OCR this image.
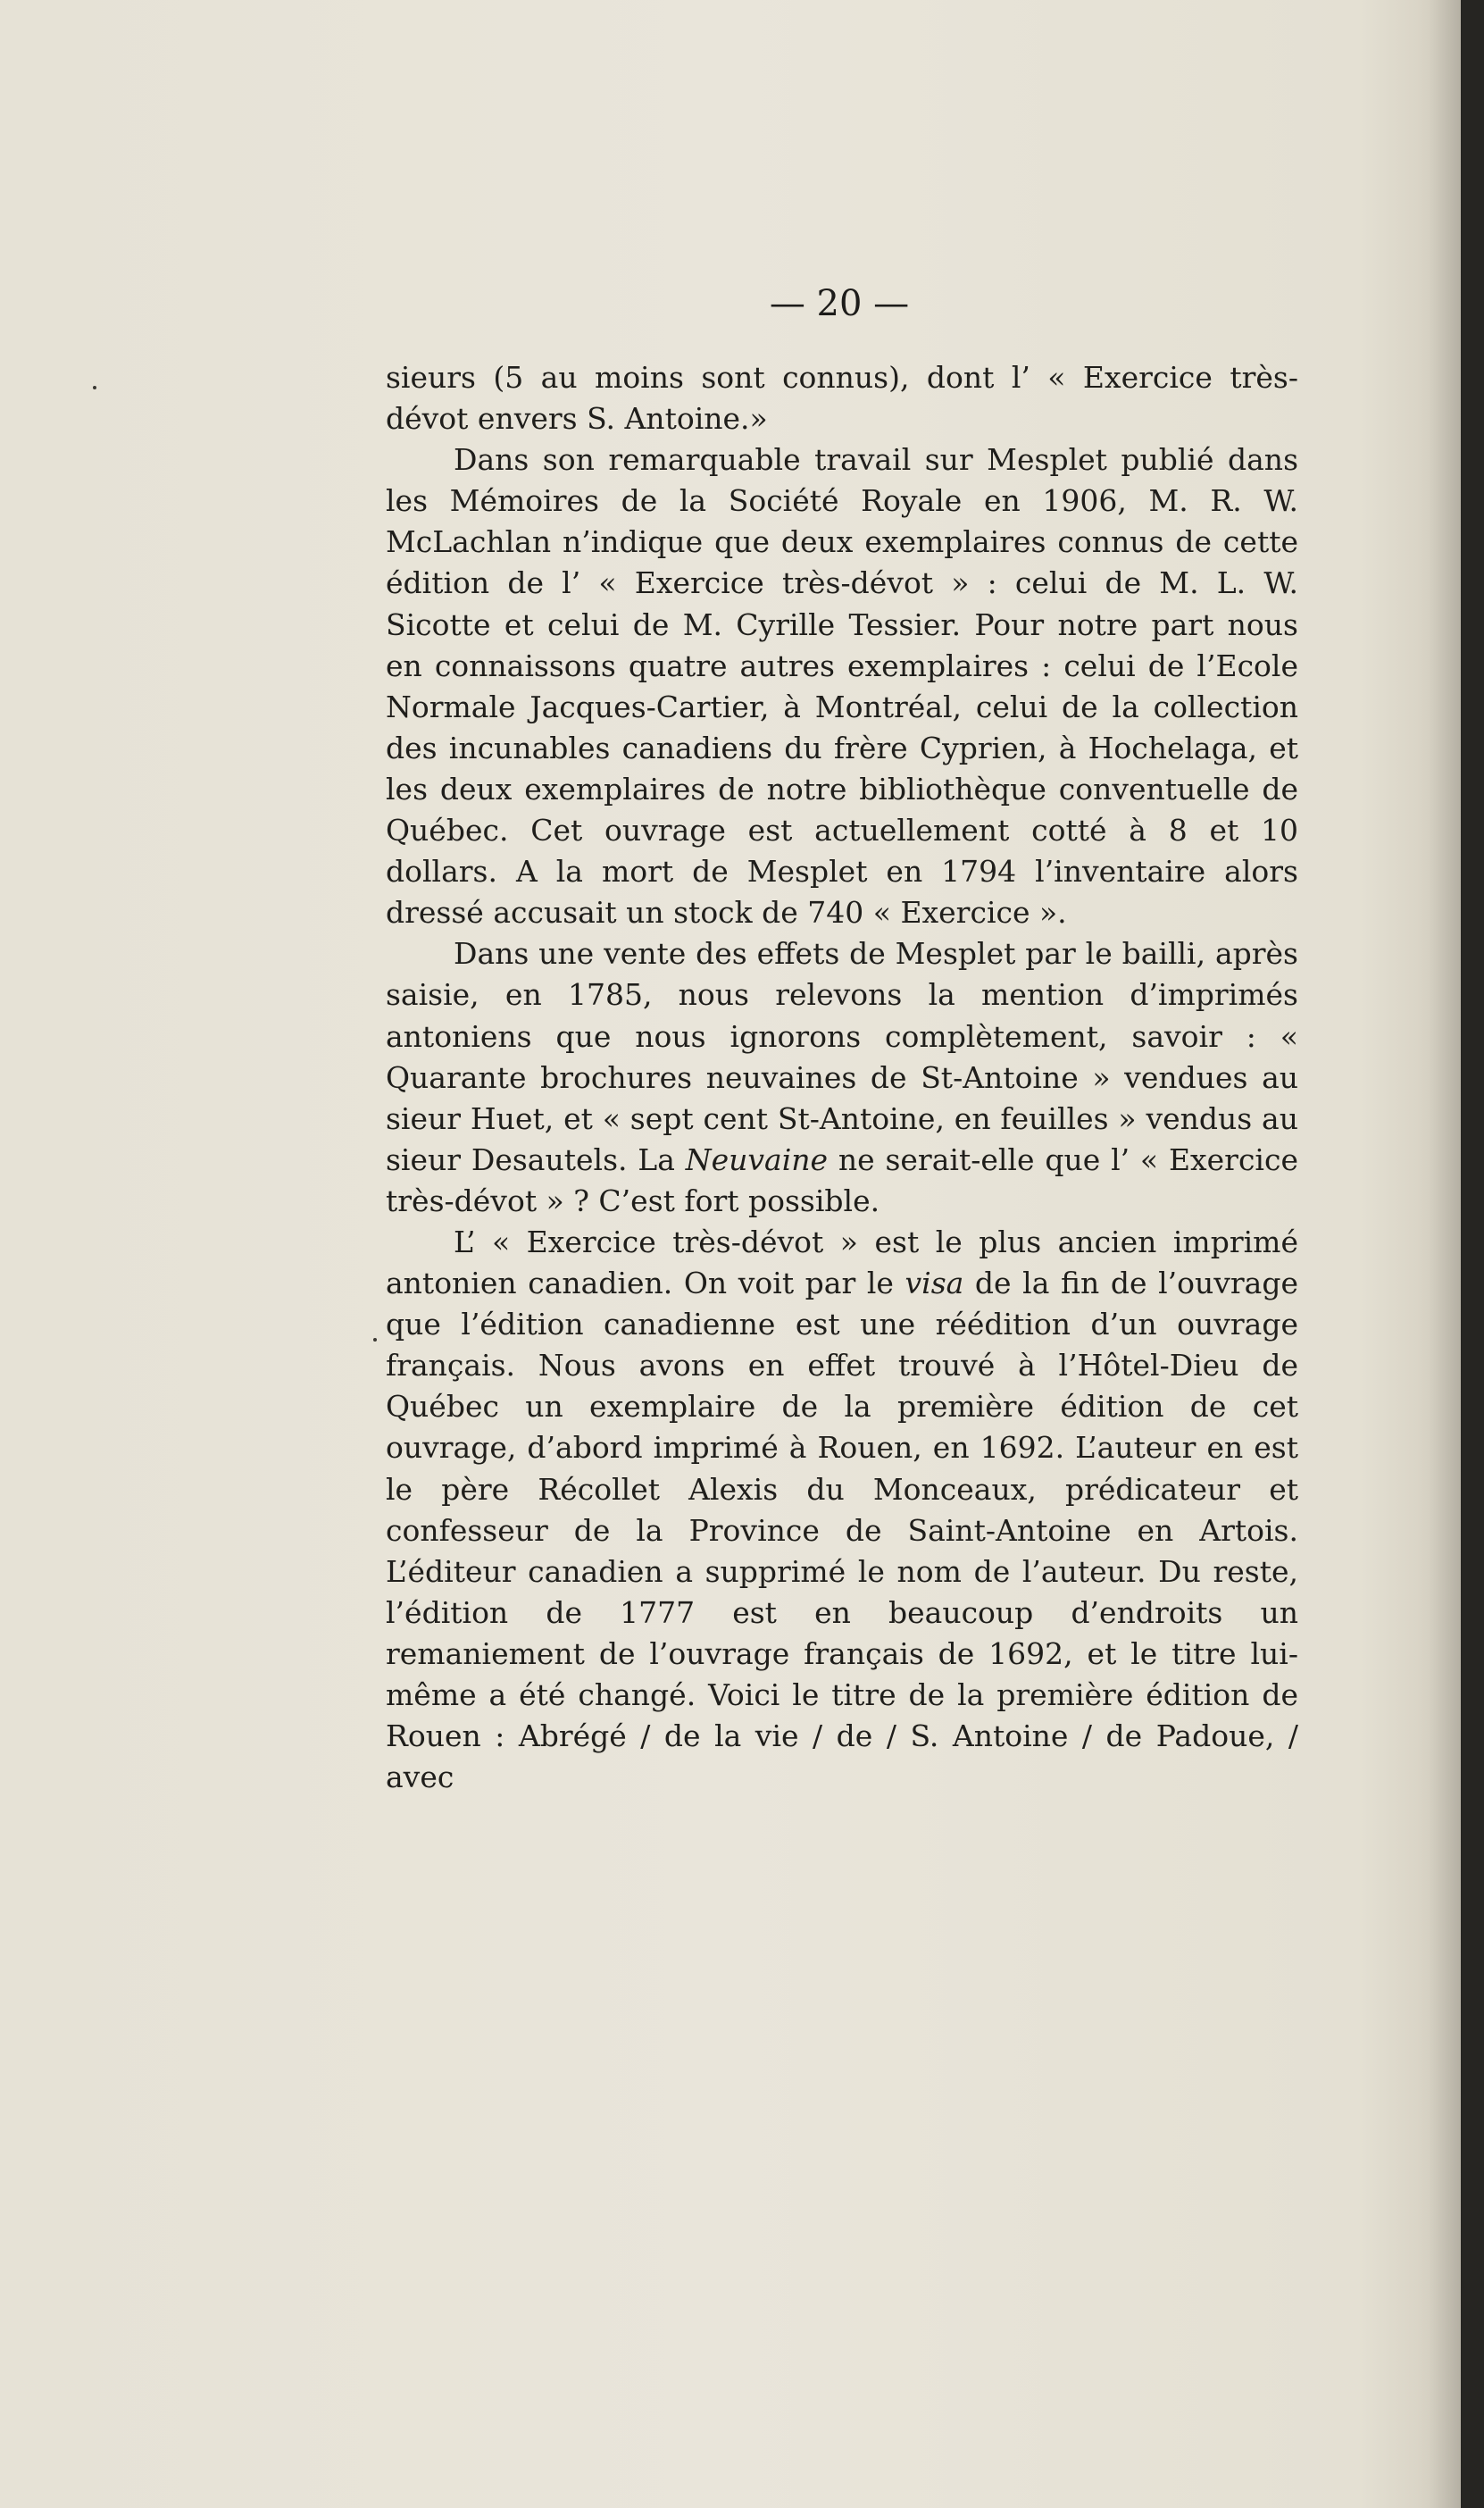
— 20 —

sieurs (5 au moins sont connus), dont l’ « Exercice très-dévot envers S. Antoine.»

Dans son remarquable travail sur Mesplet publié dans les Mémoires de la Société Royale en 1906, M. R. W. McLachlan n’indique que deux exemplaires connus de cette édition de l’ « Exercice très-dévot » : celui de M. L. W. Sicotte et celui de M. Cyrille Tessier. Pour notre part nous en connaissons quatre autres exemplaires : celui de l’Ecole Normale Jacques-Cartier, à Montréal, celui de la collection des incunables canadiens du frère Cyprien, à Hochelaga, et les deux exemplaires de notre bibliothèque conventuelle de Québec. Cet ouvrage est actuellement cotté à 8 et 10 dollars. A la mort de Mesplet en 1794 l’inventaire alors dressé accusait un stock de 740 « Exercice ».

Dans une vente des effets de Mesplet par le bailli, après saisie, en 1785, nous relevons la mention d’imprimés antoniens que nous ignorons complètement, savoir : « Quarante brochures neuvaines de St-Antoine » vendues au sieur Huet, et « sept cent St-Antoine, en feuilles » vendus au sieur Desautels. La Neuvaine ne serait-elle que l’ « Exercice très-dévot » ? C’est fort possible.

L’ « Exercice très-dévot » est le plus ancien imprimé antonien canadien. On voit par le visa de la fin de l’ouvrage que l’édition canadienne est une réédition d’un ouvrage français. Nous avons en effet trouvé à l’Hôtel-Dieu de Québec un exemplaire de la première édition de cet ouvrage, d’abord imprimé à Rouen, en 1692. L’auteur en est le père Récollet Alexis du Monceaux, prédicateur et confesseur de la Province de Saint-Antoine en Artois. L’éditeur canadien a supprimé le nom de l’auteur. Du reste, l’édition de 1777 est en beaucoup d’endroits un remaniement de l’ouvrage français de 1692, et le titre lui-même a été changé. Voici le titre de la première édition de Rouen : Abrégé / de la vie / de / S. Antoine / de Padoue, / avec
